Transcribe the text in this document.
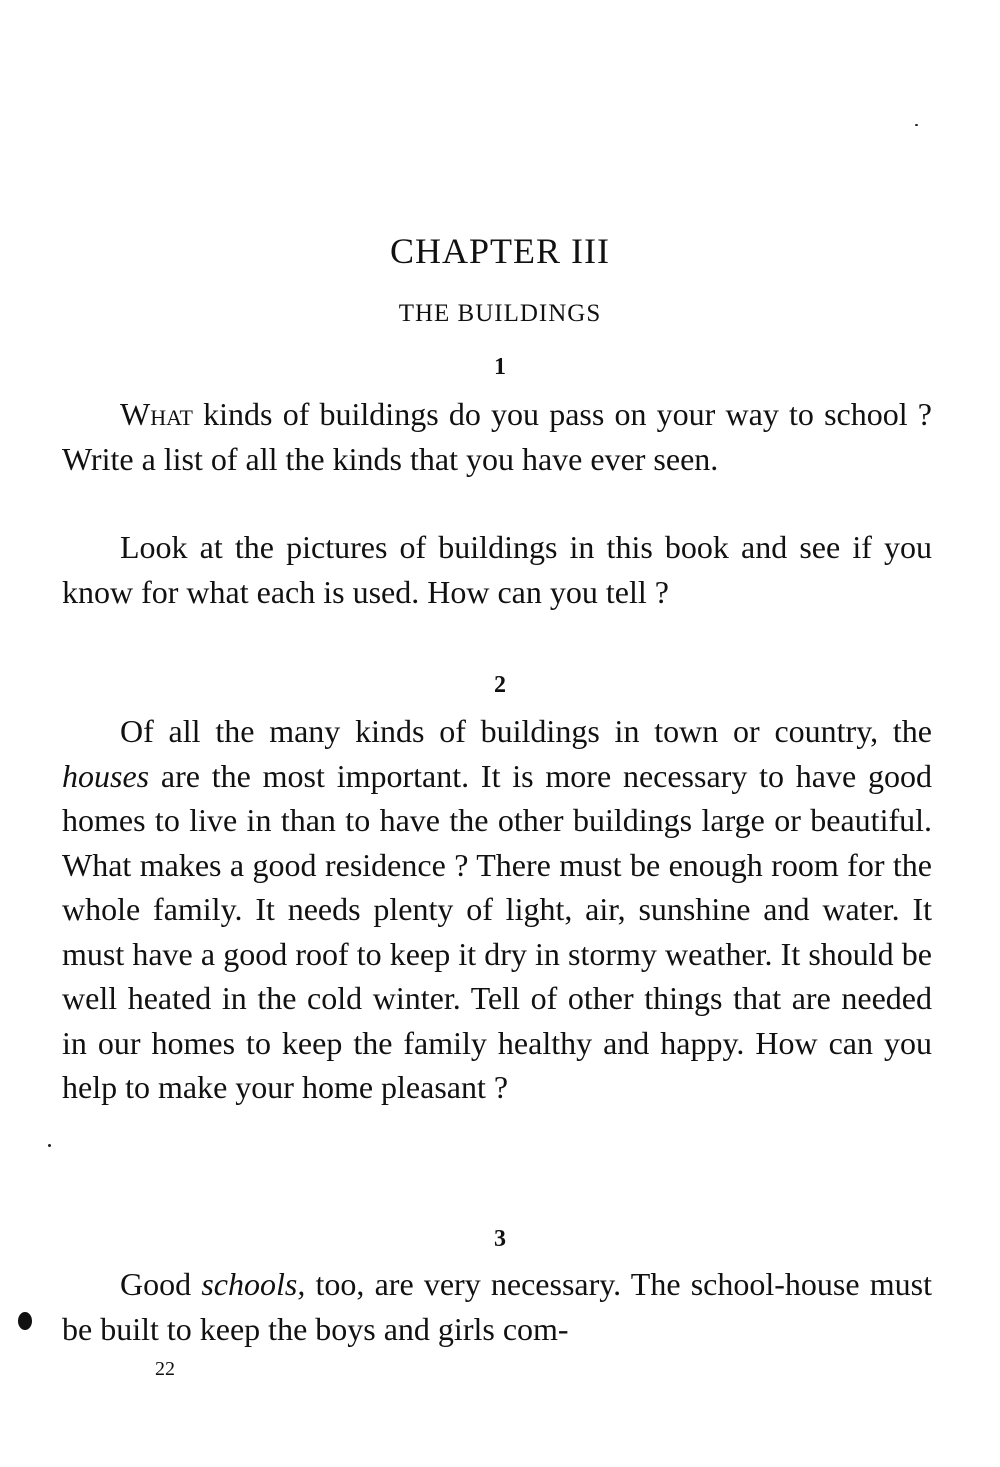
CHAPTER III
THE BUILDINGS
1

What kinds of buildings do you pass on your way to school ? Write a list of all the kinds that you have ever seen.

Look at the pictures of buildings in this book and see if you know for what each is used. How can you tell ?

2

Of all the many kinds of buildings in town or country, the houses are the most important. It is more necessary to have good homes to live in than to have the other buildings large or beautiful. What makes a good residence ? There must be enough room for the whole family. It needs plenty of light, air, sunshine and water. It must have a good roof to keep it dry in stormy weather. It should be well heated in the cold winter. Tell of other things that are needed in our homes to keep the family healthy and happy. How can you help to make your home pleasant ?

3

Good schools, too, are very necessary. The school-house must be built to keep the boys and girls com-

22
